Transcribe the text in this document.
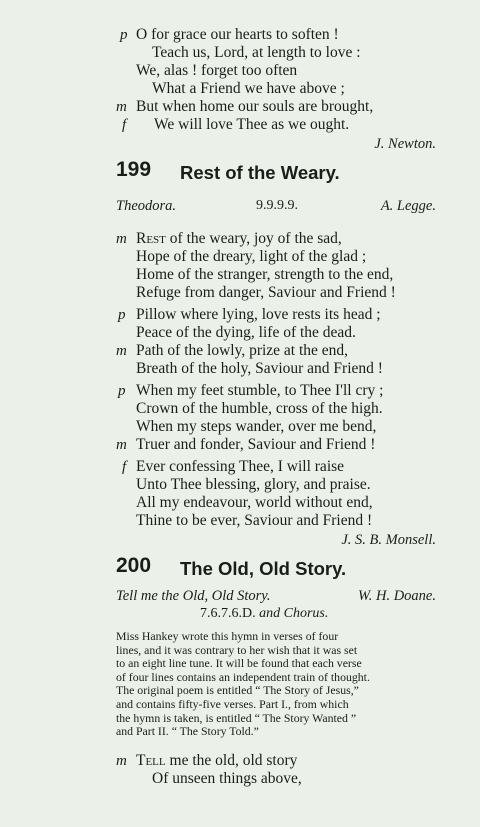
p O for grace our hearts to soften !
Teach us, Lord, at length to love :
We, alas ! forget too often
What a Friend we have above ;
m But when home our souls are brought,
f We will love Thee as we ought.
J. Newton.
199 Rest of the Weary.
Theodora.	9.9.9.9.	A. Legge.
m Rest of the weary, joy of the sad,
Hope of the dreary, light of the glad ;
Home of the stranger, strength to the end,
Refuge from danger, Saviour and Friend !
p Pillow where lying, love rests its head ;
Peace of the dying, life of the dead.
m Path of the lowly, prize at the end,
Breath of the holy, Saviour and Friend !
p When my feet stumble, to Thee I'll cry ;
Crown of the humble, cross of the high.
When my steps wander, over me bend,
m Truer and fonder, Saviour and Friend !
f Ever confessing Thee, I will raise
Unto Thee blessing, glory, and praise.
All my endeavour, world without end,
Thine to be ever, Saviour and Friend !
J. S. B. Monsell.
200 The Old, Old Story.
Tell me the Old, Old Story.	W. H. Doane.
7.6.7.6.D. and Chorus.
Miss Hankey wrote this hymn in verses of four
lines, and it was contrary to her wish that it was set
to an eight line tune. It will be found that each verse
of four lines contains an independent train of thought.
The original poem is entitled “ The Story of Jesus,”
and contains fifty-five verses. Part I., from which
the hymn is taken, is entitled “ The Story Wanted ”
and Part II. “ The Story Told.”
m Tell me the old, old story
Of unseen things above,
